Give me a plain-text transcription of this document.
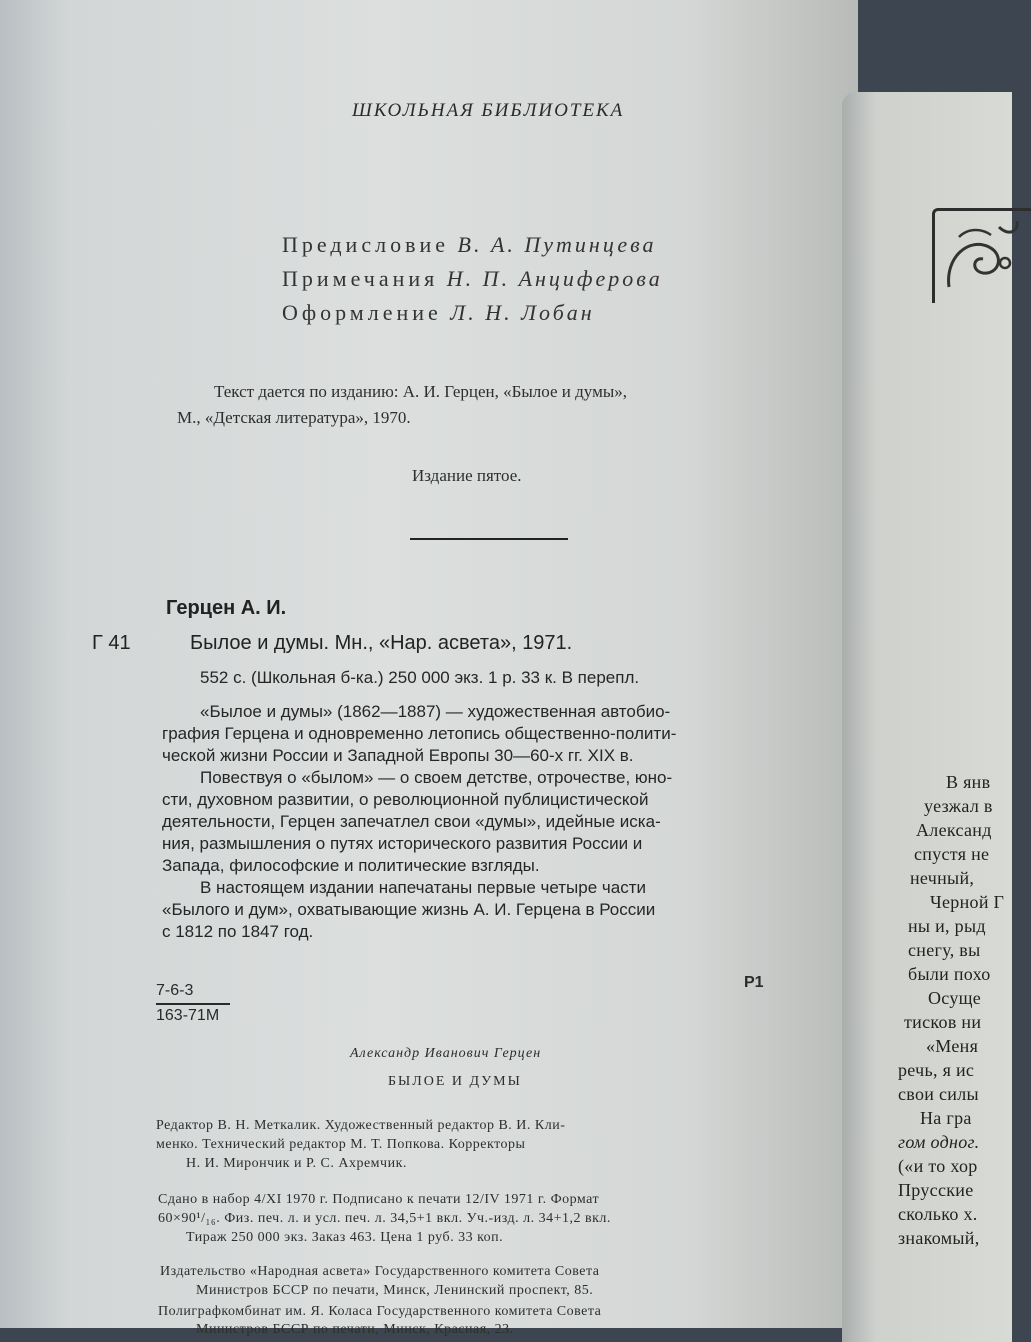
ШКОЛЬНАЯ БИБЛИОТЕКА
Предисловие В. А. Путинцева
Примечания Н. П. Анциферова
Оформление Л. Н. Лобан
Текст дается по изданию: А. И. Герцен, «Былое и думы»,
М., «Детская литература», 1970.
Издание пятое.
Герцен А. И.
Г 41	Былое и думы. Мн., «Нар. асвета», 1971.
552 с. (Школьная б-ка.) 250 000 экз. 1 р. 33 к. В перепл.
«Былое и думы» (1862—1887) — художественная автобио-
графия Герцена и одновременно летопись общественно-полити-
ческой жизни России и Западной Европы 30—60-х гг. XIX в.
Повествуя о «былом» — о своем детстве, отрочестве, юно-
сти, духовном развитии, о революционной публицистической
деятельности, Герцен запечатлел свои «думы», идейные иска-
ния, размышления о путях исторического развития России и
Запада, философские и политические взгляды.
В настоящем издании напечатаны первые четыре части
«Былого и дум», охватывающие жизнь А. И. Герцена в России
с 1812 по 1847 год.
7-6-3
163-71М
Р1
Александр Иванович Герцен
БЫЛОЕ И ДУМЫ
Редактор В. Н. Меткалик. Художественный редактор В. И. Кли-
менко. Технический редактор М. Т. Попкова. Корректоры
Н. И. Мирончик и Р. С. Ахремчик.
Сдано в набор 4/XI 1970 г. Подписано к печати 12/IV 1971 г. Формат
60×90¹/₁₆. Физ. печ. л. и усл. печ. л. 34,5+1 вкл. Уч.-изд. л. 34+1,2 вкл.
Тираж 250 000 экз. Заказ 463. Цена 1 руб. 33 коп.
Издательство «Народная асвета» Государственного комитета Совета
Министров БССР по печати, Минск, Ленинский проспект, 85.
Полиграфкомбинат им. Я. Коласа Государственного комитета Совета
Министров БССР по печати, Минск, Красная, 23.
В янв
уезжал в
Александ
спустя не
нечный,
Черной Г
ны и, рыд
снегу, вы
были похо
Осуще
тисков ни
«Меня
речь, я ис
свои силы
На гра
гом одног.
(«и то хор
Прусские
сколько х.
знакомый,
